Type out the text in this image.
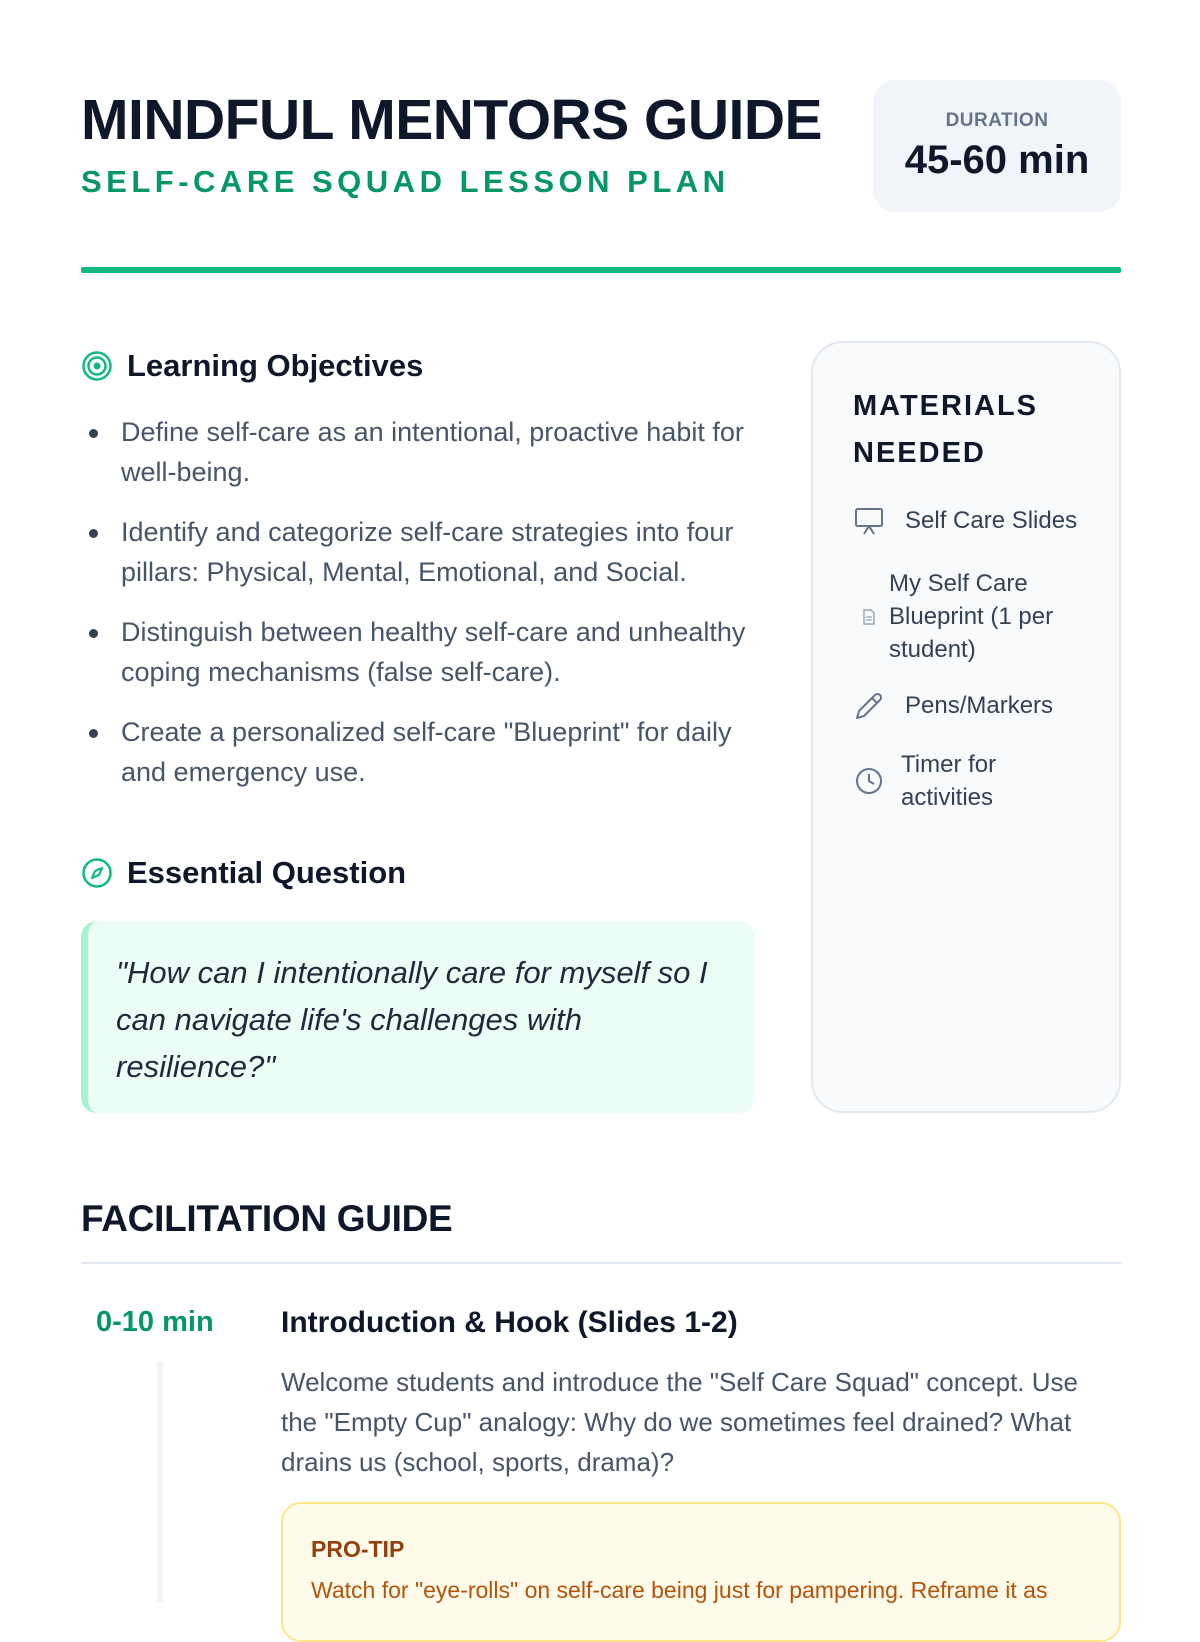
MINDFUL MENTORS GUIDE
SELF-CARE SQUAD LESSON PLAN
DURATION
45-60 min
Learning Objectives
Define self-care as an intentional, proactive habit for well-being.
Identify and categorize self-care strategies into four pillars: Physical, Mental, Emotional, and Social.
Distinguish between healthy self-care and unhealthy coping mechanisms (false self-care).
Create a personalized self-care "Blueprint" for daily and emergency use.
Essential Question
"How can I intentionally care for myself so I can navigate life's challenges with resilience?"
MATERIALS NEEDED
Self Care Slides
My Self Care Blueprint (1 per student)
Pens/Markers
Timer for activities
FACILITATION GUIDE
0-10 min Introduction & Hook (Slides 1-2)
Welcome students and introduce the "Self Care Squad" concept. Use the "Empty Cup" analogy: Why do we sometimes feel drained? What drains us (school, sports, drama)?
PRO-TIP
Watch for "eye-rolls" on self-care being just for pampering. Reframe it as
